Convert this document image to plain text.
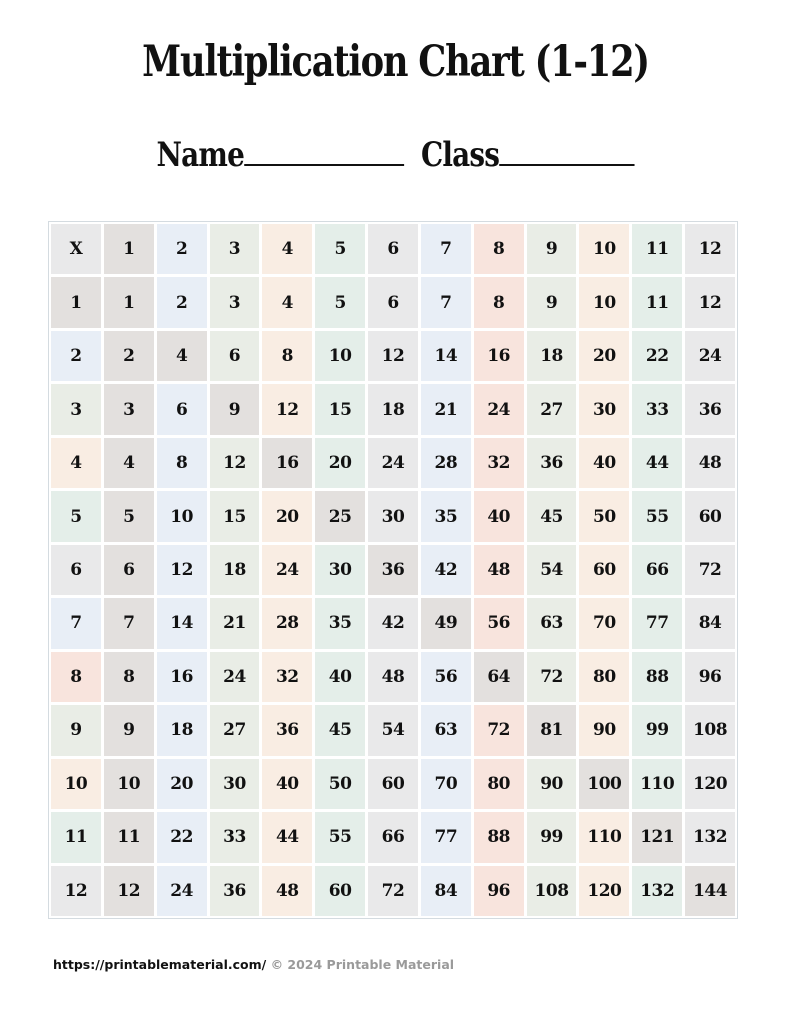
Multiplication Chart (1-12)
Name	Class
X	1	2	3	4	5	6	7	8	9	10	11	12
1	1	2	3	4	5	6	7	8	9	10	11	12
2	2	4	6	8	10	12	14	16	18	20	22	24
3	3	6	9	12	15	18	21	24	27	30	33	36
4	4	8	12	16	20	24	28	32	36	40	44	48
5	5	10	15	20	25	30	35	40	45	50	55	60
6	6	12	18	24	30	36	42	48	54	60	66	72
7	7	14	21	28	35	42	49	56	63	70	77	84
8	8	16	24	32	40	48	56	64	72	80	88	96
9	9	18	27	36	45	54	63	72	81	90	99	108
10	10	20	30	40	50	60	70	80	90	100	110	120
11	11	22	33	44	55	66	77	88	99	110	121	132
12	12	24	36	48	60	72	84	96	108	120	132	144
https://printablematerial.com/ © 2024 Printable Material
